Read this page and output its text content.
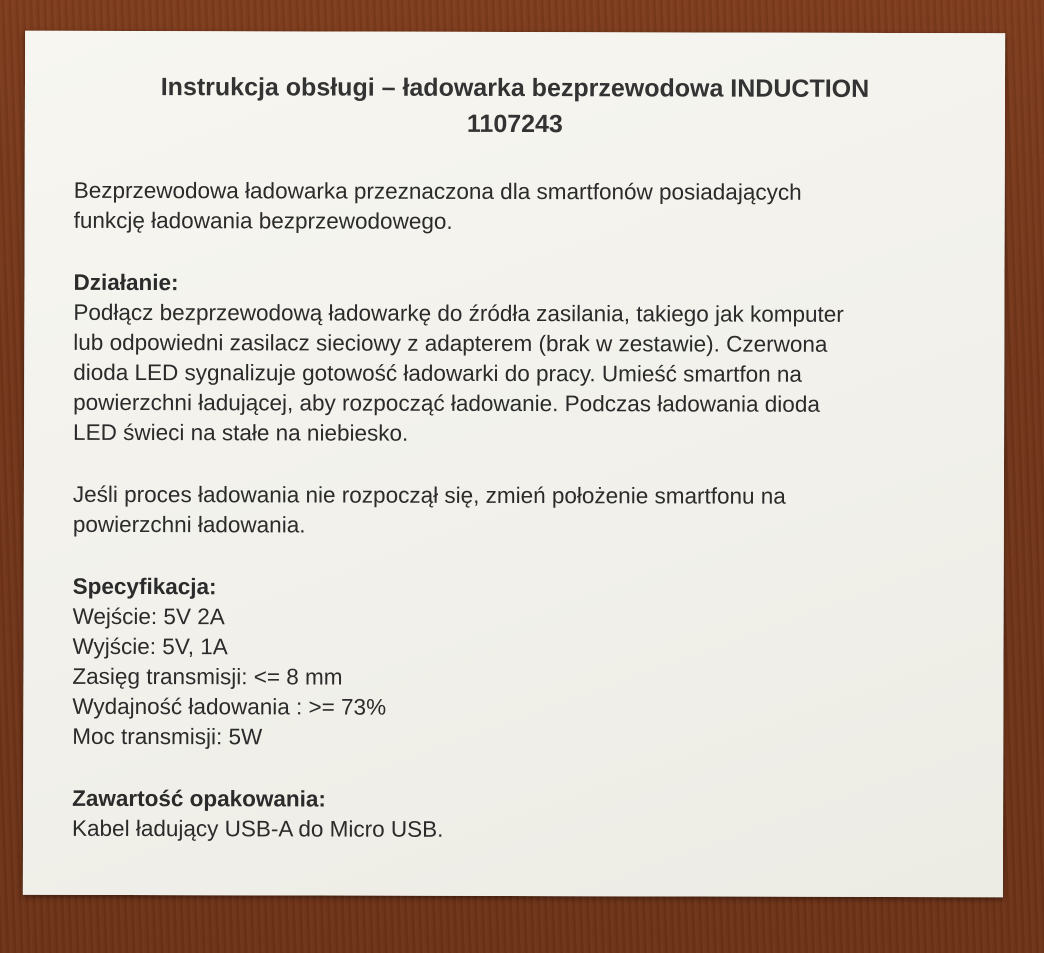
Instrukcja obsługi – ładowarka bezprzewodowa INDUCTION
1107243

Bezprzewodowa ładowarka przeznaczona dla smartfonów posiadających
funkcję ładowania bezprzewodowego.

Działanie:
Podłącz bezprzewodową ładowarkę do źródła zasilania, takiego jak komputer
lub odpowiedni zasilacz sieciowy z adapterem (brak w zestawie). Czerwona
dioda LED sygnalizuje gotowość ładowarki do pracy. Umieść smartfon na
powierzchni ładującej, aby rozpocząć ładowanie. Podczas ładowania dioda
LED świeci na stałe na niebiesko.

Jeśli proces ładowania nie rozpoczął się, zmień położenie smartfonu na
powierzchni ładowania.

Specyfikacja:
Wejście: 5V 2A
Wyjście: 5V, 1A
Zasięg transmisji: <= 8 mm
Wydajność ładowania : >= 73%
Moc transmisji: 5W

Zawartość opakowania:
Kabel ładujący USB-A do Micro USB.
